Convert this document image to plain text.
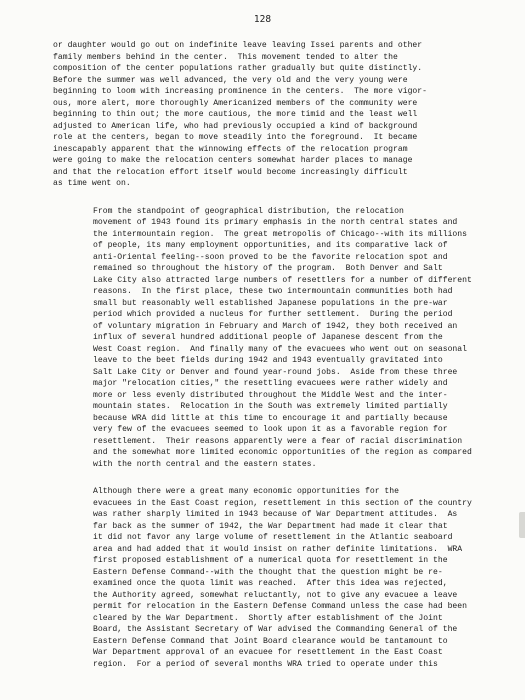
128
or daughter would go out on indefinite leave leaving Issei parents and other
family members behind in the center.  This movement tended to alter the
composition of the center populations rather gradually but quite distinctly.
Before the summer was well advanced, the very old and the very young were
beginning to loom with increasing prominence in the centers.  The more vigor-
ous, more alert, more thoroughly Americanized members of the community were
beginning to thin out; the more cautious, the more timid and the least well
adjusted to American life, who had previously occupied a kind of background
role at the centers, began to move steadily into the foreground.  It became
inescapably apparent that the winnowing effects of the relocation program
were going to make the relocation centers somewhat harder places to manage
and that the relocation effort itself would become increasingly difficult
as time went on.
From the standpoint of geographical distribution, the relocation
movement of 1943 found its primary emphasis in the north central states and
the intermountain region.  The great metropolis of Chicago--with its millions
of people, its many employment opportunities, and its comparative lack of
anti-Oriental feeling--soon proved to be the favorite relocation spot and
remained so throughout the history of the program.  Both Denver and Salt
Lake City also attracted large numbers of resettlers for a number of different
reasons.  In the first place, these two intermountain communities both had
small but reasonably well established Japanese populations in the pre-war
period which provided a nucleus for further settlement.  During the period
of voluntary migration in February and March of 1942, they both received an
influx of several hundred additional people of Japanese descent from the
West Coast region.  And finally many of the evacuees who went out on seasonal
leave to the beet fields during 1942 and 1943 eventually gravitated into
Salt Lake City or Denver and found year-round jobs.  Aside from these three
major "relocation cities," the resettling evacuees were rather widely and
more or less evenly distributed throughout the Middle West and the inter-
mountain states.  Relocation in the South was extremely limited partially
because WRA did little at this time to encourage it and partially because
very few of the evacuees seemed to look upon it as a favorable region for
resettlement.  Their reasons apparently were a fear of racial discrimination
and the somewhat more limited economic opportunities of the region as compared
with the north central and the eastern states.
Although there were a great many economic opportunities for the
evacuees in the East Coast region, resettlement in this section of the country
was rather sharply limited in 1943 because of War Department attitudes.  As
far back as the summer of 1942, the War Department had made it clear that
it did not favor any large volume of resettlement in the Atlantic seaboard
area and had added that it would insist on rather definite limitations.  WRA
first proposed establishment of a numerical quota for resettlement in the
Eastern Defense Command--with the thought that the question might be re-
examined once the quota limit was reached.  After this idea was rejected,
the Authority agreed, somewhat reluctantly, not to give any evacuee a leave
permit for relocation in the Eastern Defense Command unless the case had been
cleared by the War Department.  Shortly after establishment of the Joint
Board, the Assistant Secretary of War advised the Commanding General of the
Eastern Defense Command that Joint Board clearance would be tantamount to
War Department approval of an evacuee for resettlement in the East Coast
region.  For a period of several months WRA tried to operate under this
